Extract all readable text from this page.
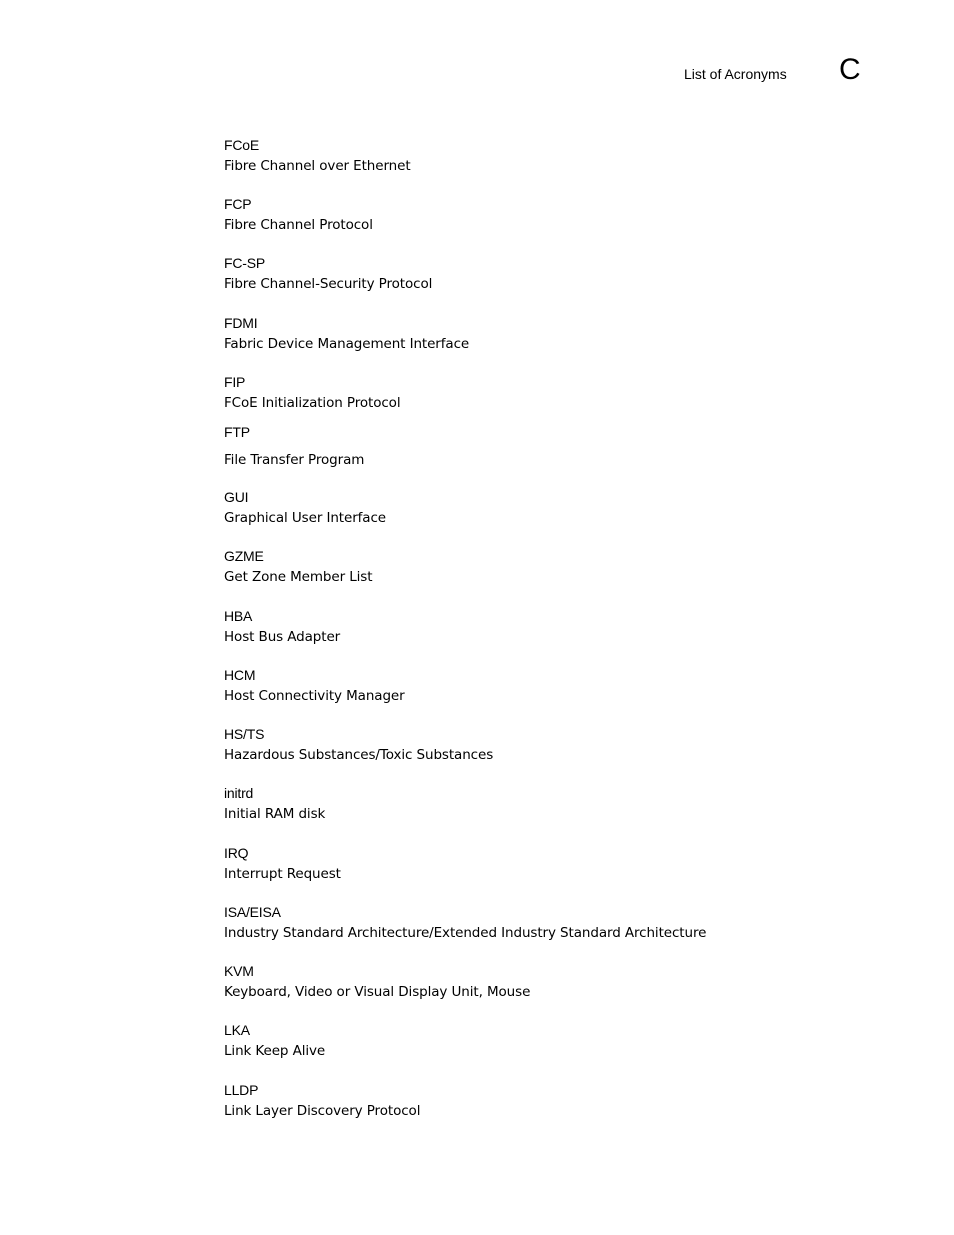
List of Acronyms C
FCoE
Fibre Channel over Ethernet
FCP
Fibre Channel Protocol
FC-SP
Fibre Channel-Security Protocol
FDMI
Fabric Device Management Interface
FIP
FCoE Initialization Protocol
FTP
File Transfer Program
GUI
Graphical User Interface
GZME
Get Zone Member List
HBA
Host Bus Adapter
HCM
Host Connectivity Manager
HS/TS
Hazardous Substances/Toxic Substances
initrd
Initial RAM disk
IRQ
Interrupt Request
ISA/EISA
Industry Standard Architecture/Extended Industry Standard Architecture
KVM
Keyboard, Video or Visual Display Unit, Mouse
LKA
Link Keep Alive
LLDP
Link Layer Discovery Protocol
